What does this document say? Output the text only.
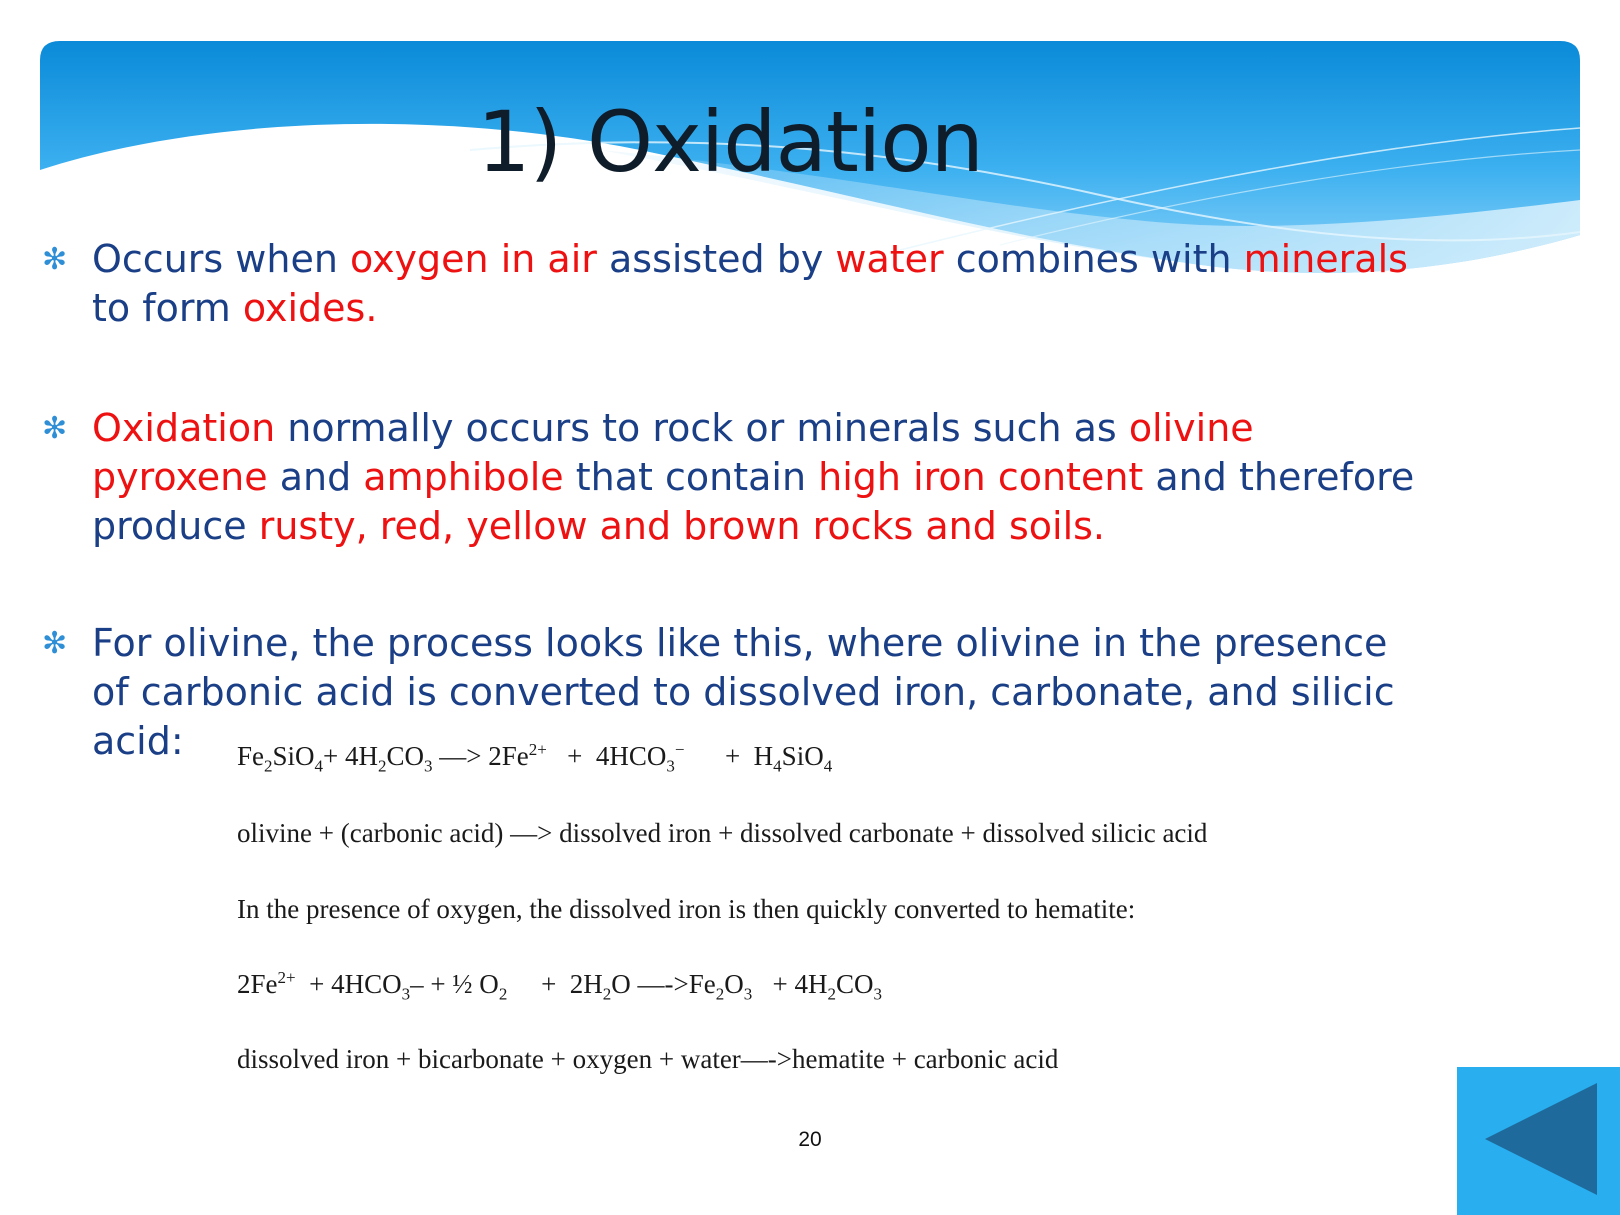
1) Oxidation
✻ Occurs when oxygen in air assisted by water combines with minerals to form oxides.
✻ Oxidation normally occurs to rock or minerals such as olivine pyroxene and amphibole that contain high iron content and therefore produce rusty, red, yellow and brown rocks and soils.
✻ For olivine, the process looks like this, where olivine in the presence of carbonic acid is converted to dissolved iron, carbonate, and silicic acid:	$Fe_2SiO_4+ 4H_2CO_3$ —> $2Fe^{2+} + 4HCO_3^-$      +  $H_4SiO_4$
olivine + (carbonic acid) —> dissolved iron + dissolved carbonate + dissolved silicic acid
In the presence of oxygen, the dissolved iron is then quickly converted to hematite:
$2Fe^{2+} + 4HCO_3-$ + ½ $O_2$     +  $2H_2O$ $—->Fe_2O_3 + 4H_2CO_3$
dissolved iron + bicarbonate + oxygen + water—->hematite + carbonic acid
20
